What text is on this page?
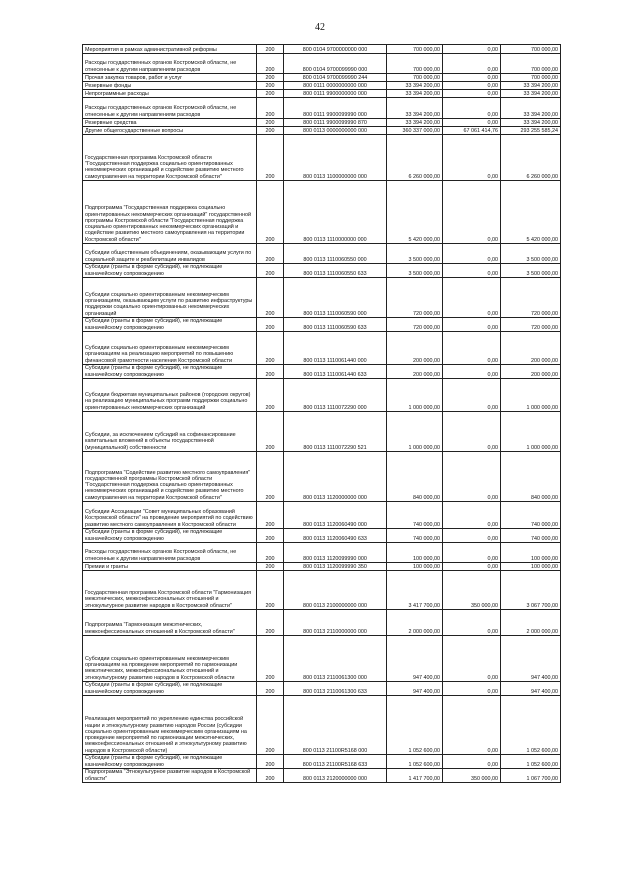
42
Мероприятия в рамках административной реформы	200	800 0104 9700000000 000	700 000,00	0,00	700 000,00
Расходы государственных органов Костромской области, не отнесенные к другим направлениям расходов	200	800 0104 9700099990 000	700 000,00	0,00	700 000,00
Прочая закупка товаров, работ и услуг	200	800 0104 9700099990 244	700 000,00	0,00	700 000,00
Резервные фонды	200	800 0111 0000000000 000	33 394 200,00	0,00	33 394 200,00
Непрограммные расходы	200	800 0111 9900000000 000	33 394 200,00	0,00	33 394 200,00
Расходы государственных органов Костромской области, не отнесенные к другим направлениям расходов	200	800 0111 9900099990 000	33 394 200,00	0,00	33 394 200,00
Резервные средства	200	800 0111 9900099990 870	33 394 200,00	0,00	33 394 200,00
Другие общегосударственные вопросы	200	800 0113 0000000000 000	360 337 000,00	67 061 414,76	293 255 585,24
Государственная программа Костромской области "Государственная поддержка социально ориентированных некоммерческих организаций и содействие развитию местного самоуправления на территории Костромской области"	200	800 0113 1100000000 000	6 260 000,00	0,00	6 260 000,00
Подпрограмма "Государственная поддержка социально ориентированных некоммерческих организаций" государственной программы Костромской области "Государственная поддержка социально ориентированных некоммерческих организаций и содействие развитию местного самоуправления на территории Костромской области"	200	800 0113 1110000000 000	5 420 000,00	0,00	5 420 000,00
Субсидии общественным объединениям, оказывающим услуги по социальной защите и реабилитации инвалидов	200	800 0113 1110060550 000	3 500 000,00	0,00	3 500 000,00
Субсидии (гранты в форме субсидий), не подлежащие казначейскому сопровождению	200	800 0113 1110060550 633	3 500 000,00	0,00	3 500 000,00
Субсидии социально ориентированным некоммерческим организациям, оказывающим услуги по развитию инфраструктуры поддержки социально ориентированных некоммерческих организаций	200	800 0113 1110060590 000	720 000,00	0,00	720 000,00
Субсидии (гранты в форме субсидий), не подлежащие казначейскому сопровождению	200	800 0113 1110060590 633	720 000,00	0,00	720 000,00
Субсидии социально ориентированным некоммерческим организациям на реализацию мероприятий по повышению финансовой грамотности населения Костромской области	200	800 0113 1110061440 000	200 000,00	0,00	200 000,00
Субсидии (гранты в форме субсидий), не подлежащие казначейскому сопровождению	200	800 0113 1110061440 633	200 000,00	0,00	200 000,00
Субсидии бюджетам муниципальных районов (городских округов) на реализацию муниципальных программ поддержки социально ориентированных некоммерческих организаций	200	800 0113 1110072290 000	1 000 000,00	0,00	1 000 000,00
Субсидии, за исключением субсидий на софинансирование капитальных вложений в объекты государственной (муниципальной) собственности	200	800 0113 1110072290 521	1 000 000,00	0,00	1 000 000,00
Подпрограмма "Содействие развитию местного самоуправления" государственной программы Костромской области "Государственная поддержка социально ориентированных некоммерческих организаций и содействие развитию местного самоуправления на территории Костромской области"	200	800 0113 1120000000 000	840 000,00	0,00	840 000,00
Субсидии Ассоциации "Совет муниципальных образований Костромской области" на проведение мероприятий по содействию развитию местного самоуправления в Костромской области	200	800 0113 1120060490 000	740 000,00	0,00	740 000,00
Субсидии (гранты в форме субсидий), не подлежащие казначейскому сопровождению	200	800 0113 1120060490 633	740 000,00	0,00	740 000,00
Расходы государственных органов Костромской области, не отнесенные к другим направлениям расходов	200	800 0113 1120099990 000	100 000,00	0,00	100 000,00
Премии и гранты	200	800 0113 1120099990 350	100 000,00	0,00	100 000,00
Государственная программа Костромской области "Гармонизация межэтнических, межконфессиональных отношений и этнокультурное развитие народов в Костромской области"	200	800 0113 2100000000 000	3 417 700,00	350 000,00	3 067 700,00
Подпрограмма "Гармонизация межэтнических, межконфессиональных отношений в Костромской области"	200	800 0113 2110000000 000	2 000 000,00	0,00	2 000 000,00
Субсидии социально ориентированным некоммерческим организациям на проведение мероприятий по гармонизации межэтнических, межконфессиональных отношений и этнокультурному развитию народов в Костромской области	200	800 0113 2110061300 000	947 400,00	0,00	947 400,00
Субсидии (гранты в форме субсидий), не подлежащие казначейскому сопровождению	200	800 0113 2110061300 633	947 400,00	0,00	947 400,00
Реализация мероприятий по укреплению единства российской нации и этнокультурному развитию народов России (субсидии социально ориентированным некоммерческим организациям на проведение мероприятий по гармонизации межэтнических, межконфессиональных отношений и этнокультурному развитию народов в Костромской области)	200	800 0113 21100R5168 000	1 052 600,00	0,00	1 052 600,00
Субсидии (гранты в форме субсидий), не подлежащие казначейскому сопровождению	200	800 0113 21100R5168 633	1 052 600,00	0,00	1 052 600,00
Подпрограмма "Этнокультурное развитие народов в Костромской области"	200	800 0113 2120000000 000	1 417 700,00	350 000,00	1 067 700,00
